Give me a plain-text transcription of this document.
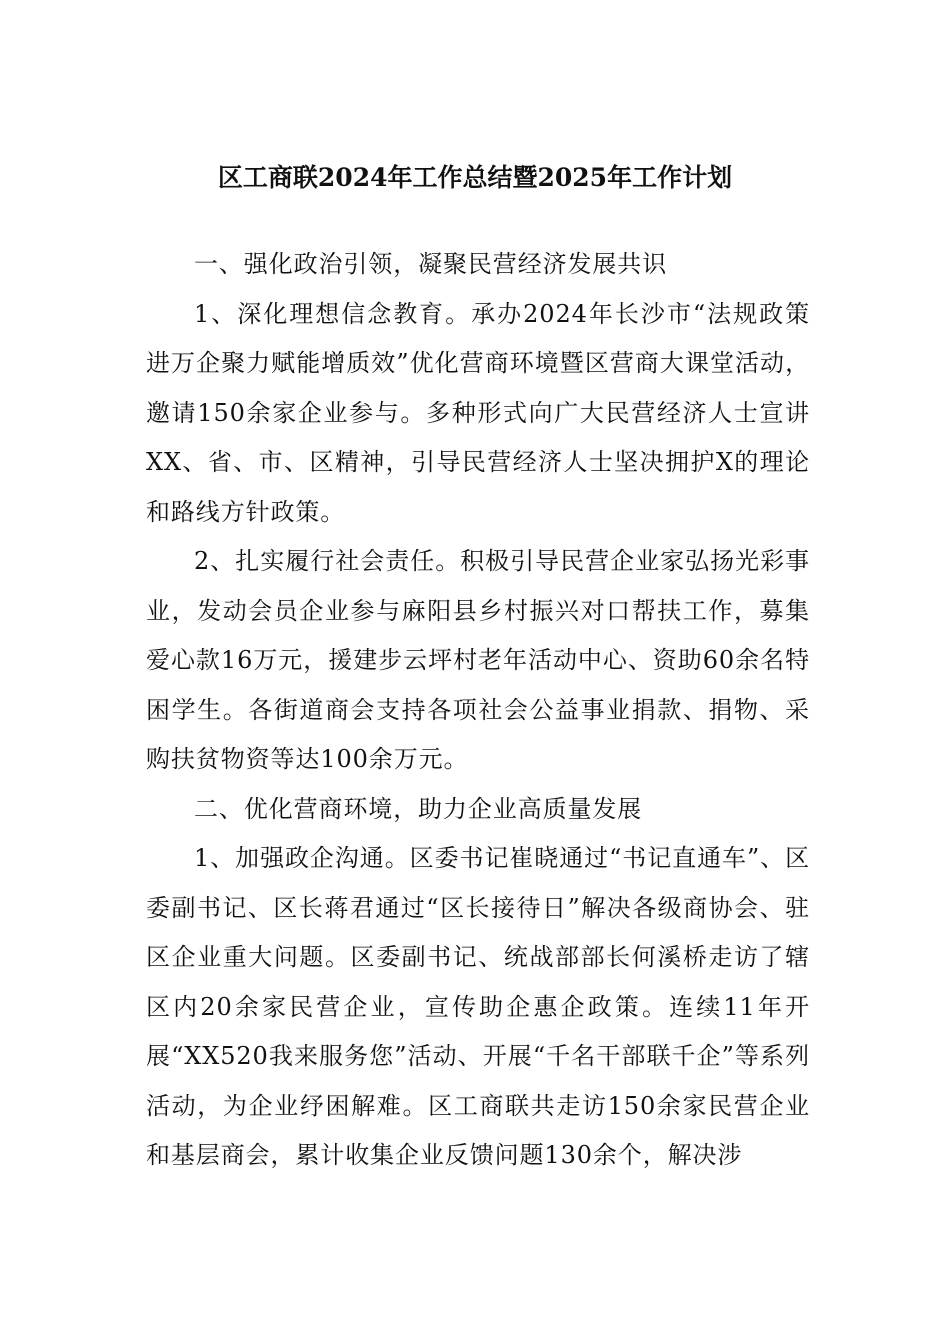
区工商联2024年工作总结暨2025年工作计划

一、强化政治引领，凝聚民营经济发展共识

1、深化理想信念教育。承办2024年长沙市“法规政策进万企聚力赋能增质效”优化营商环境暨区营商大课堂活动，邀请150余家企业参与。多种形式向广大民营经济人士宣讲XX、省、市、区精神，引导民营经济人士坚决拥护X的理论和路线方针政策。

2、扎实履行社会责任。积极引导民营企业家弘扬光彩事业，发动会员企业参与麻阳县乡村振兴对口帮扶工作，募集爱心款16万元，援建步云坪村老年活动中心、资助60余名特困学生。各街道商会支持各项社会公益事业捐款、捐物、采购扶贫物资等达100余万元。

二、优化营商环境，助力企业高质量发展

1、加强政企沟通。区委书记崔晓通过“书记直通车”、区委副书记、区长蒋君通过“区长接待日”解决各级商协会、驻区企业重大问题。区委副书记、统战部部长何溪桥走访了辖区内20余家民营企业，宣传助企惠企政策。连续11年开展“XX520我来服务您”活动、开展“千名干部联千企”等系列活动，为企业纾困解难。区工商联共走访150余家民营企业和基层商会，累计收集企业反馈问题130余个，解决涉
